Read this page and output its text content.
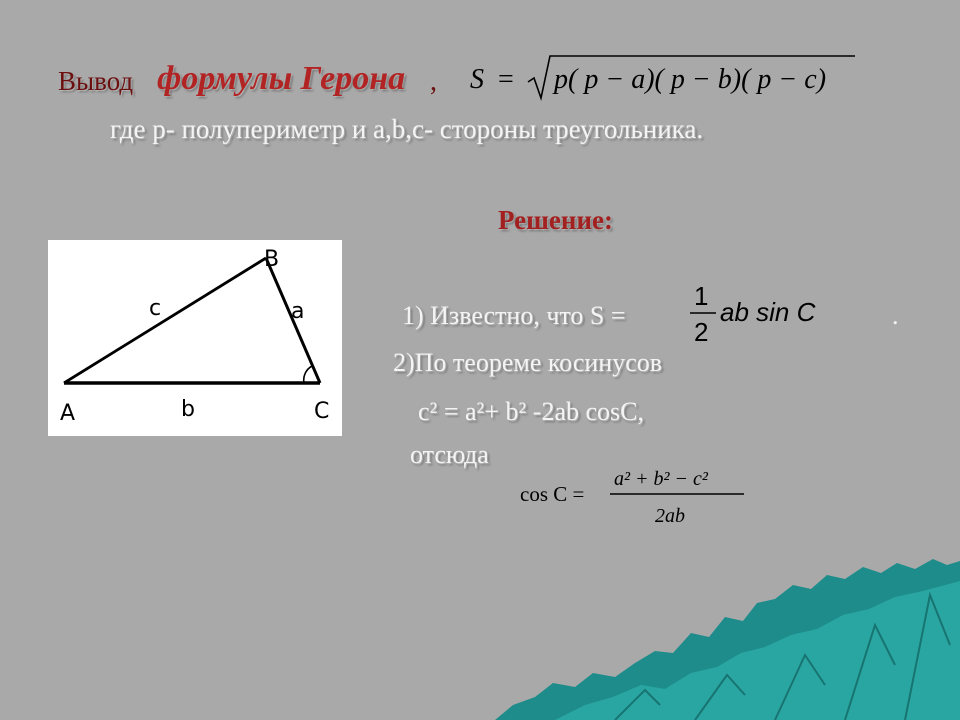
Вывод формулы Герона , S = p( p − a)( p − b)( p − c)
где р- полупериметр и a,b,c- стороны треугольника.
Решение:
A
B
C
a
b
c	1) Известно, что S =
1
2
ab sin C	.
2)По теореме косинусов
c² = a²+ b² -2ab cosC,
отсюда
cos C =
a² + b² − c²
2ab
